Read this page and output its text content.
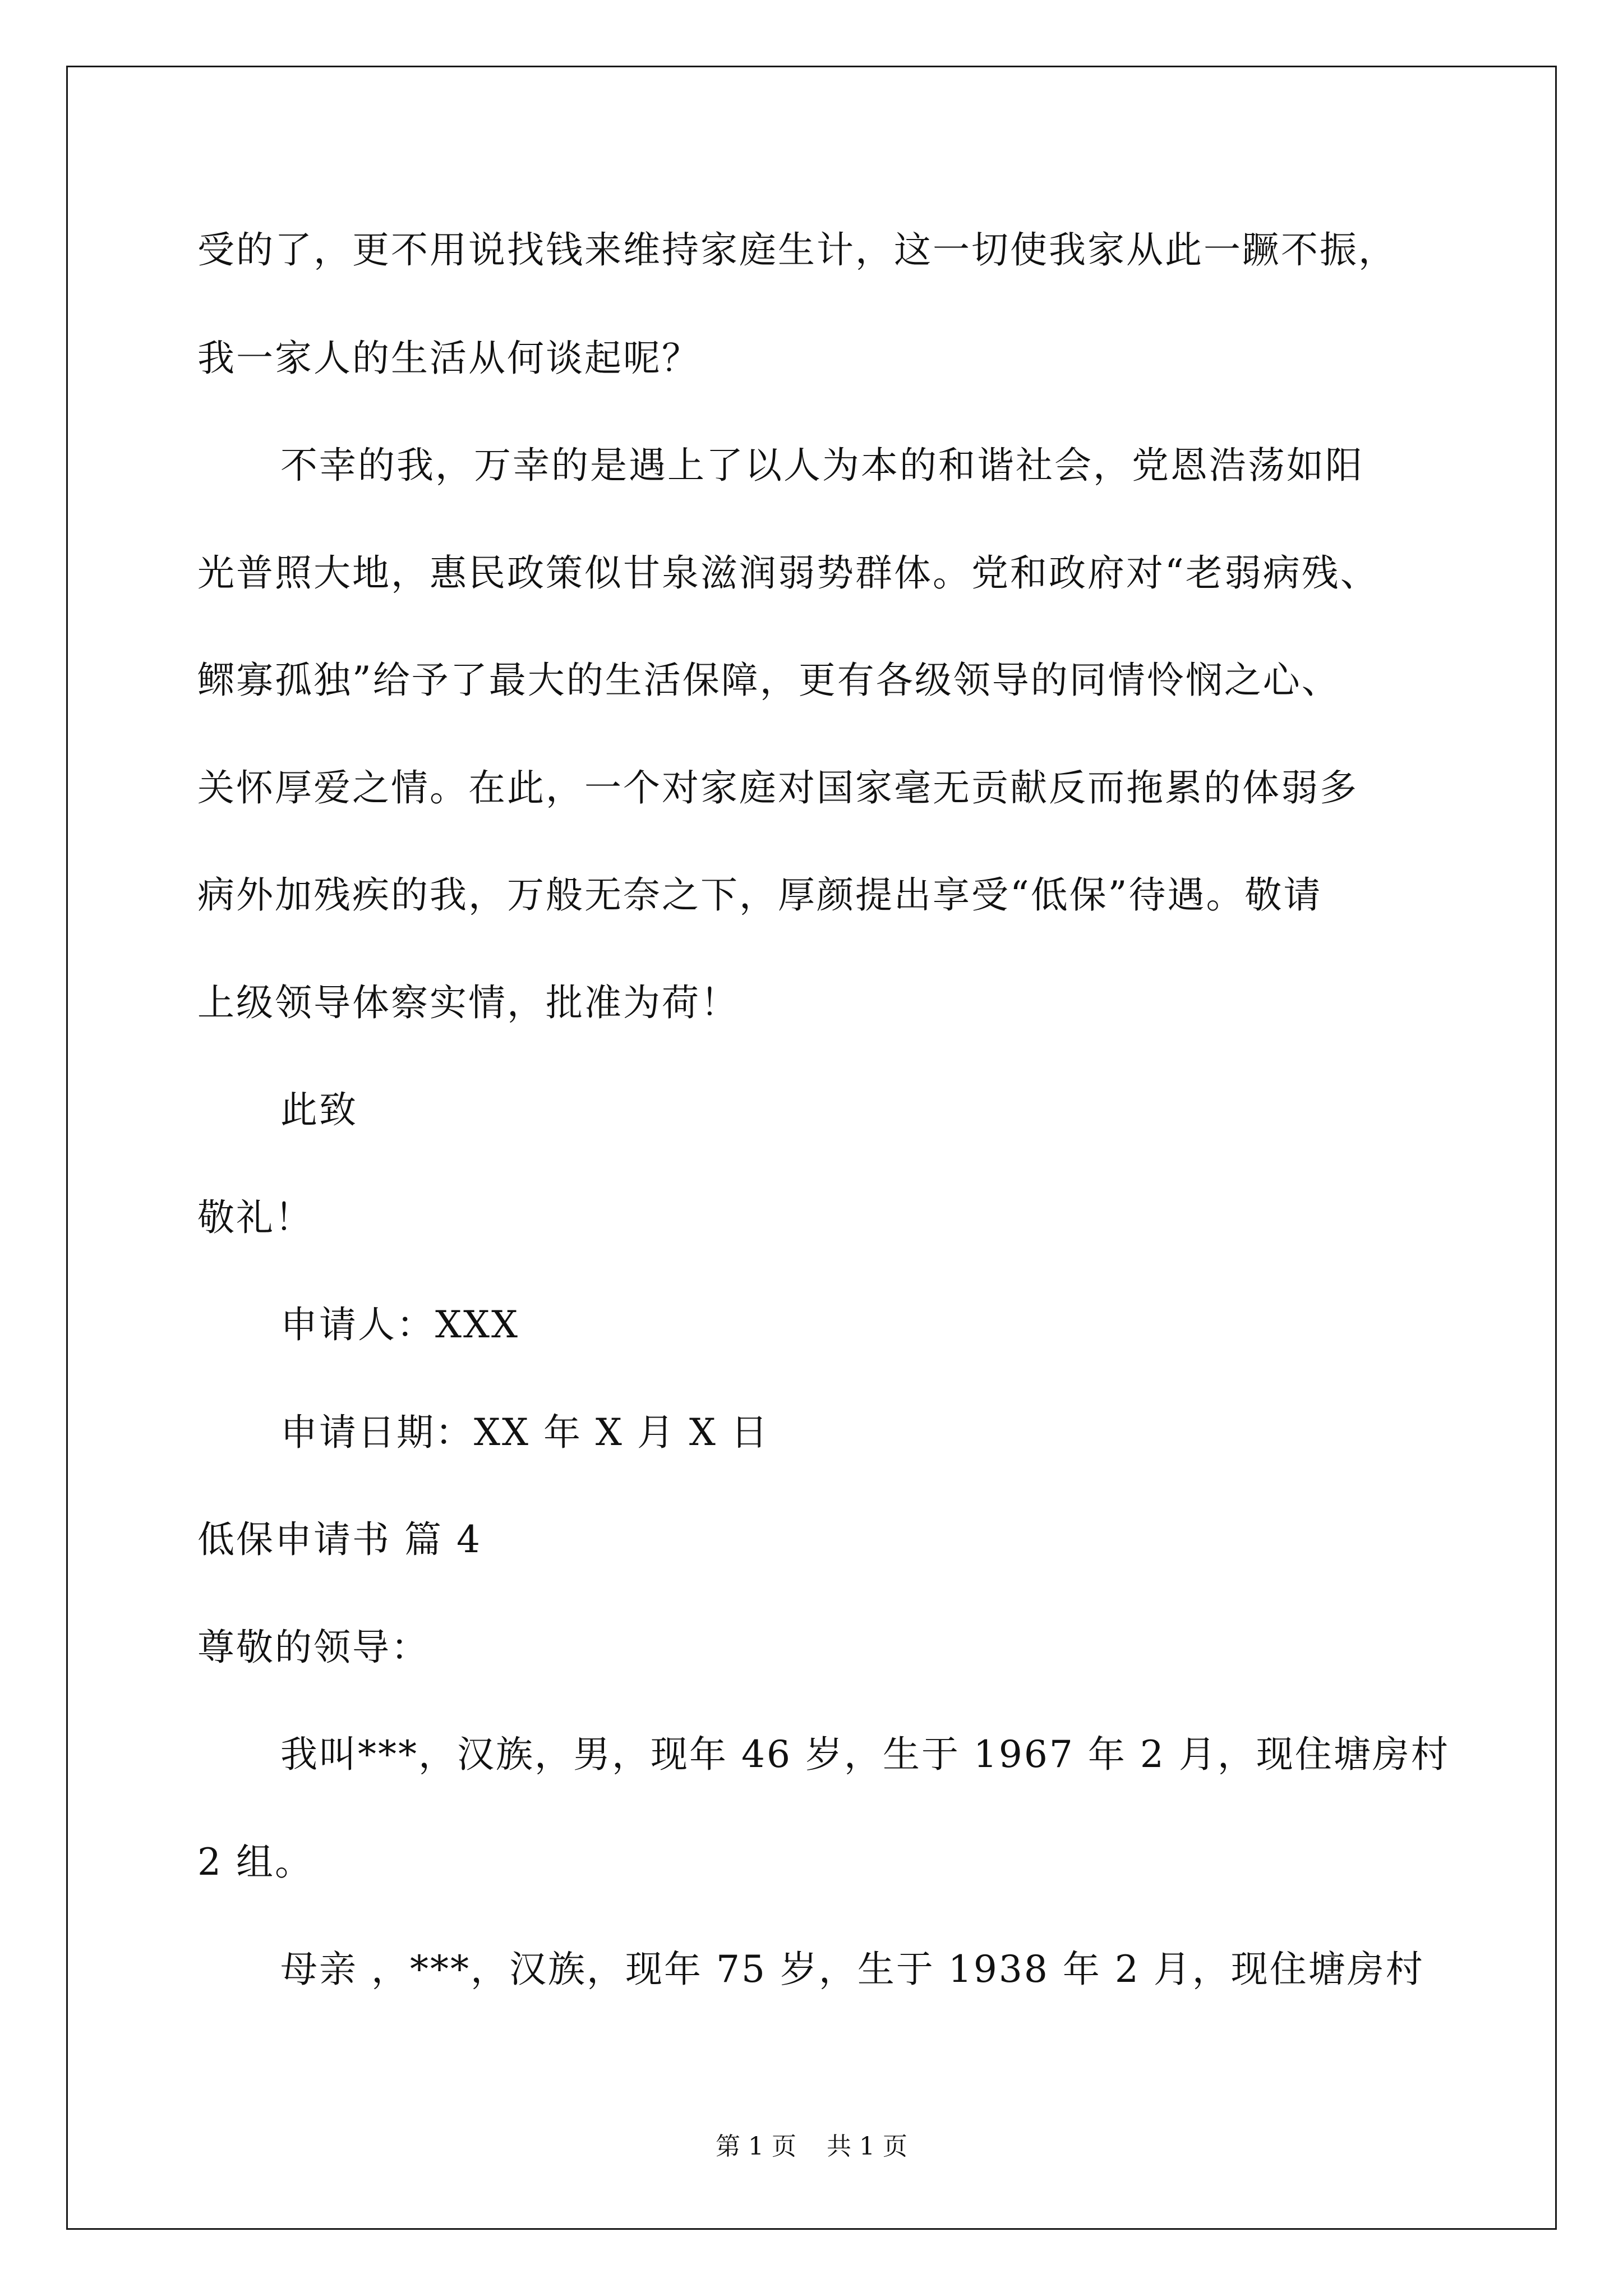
受的了，更不用说找钱来维持家庭生计，这一切使我家从此一蹶不振，
我一家人的生活从何谈起呢？
不幸的我，万幸的是遇上了以人为本的和谐社会，党恩浩荡如阳
光普照大地，惠民政策似甘泉滋润弱势群体。党和政府对“老弱病残、
鳏寡孤独”给予了最大的生活保障，更有各级领导的同情怜悯之心、
关怀厚爱之情。在此，一个对家庭对国家毫无贡献反而拖累的体弱多
病外加残疾的我，万般无奈之下，厚颜提出享受“低保”待遇。敬请
上级领导体察实情，批准为荷！
此致
敬礼！
申请人：XXX
申请日期：XX 年 X 月 X 日
低保申请书 篇 4
尊敬的领导：
我叫***，汉族，男，现年 46 岁，生于 1967 年 2 月，现住塘房村
2 组。
母亲 ，***，汉族，现年 75 岁，生于 1938 年 2 月，现住塘房村
第 1 页 共 1 页
